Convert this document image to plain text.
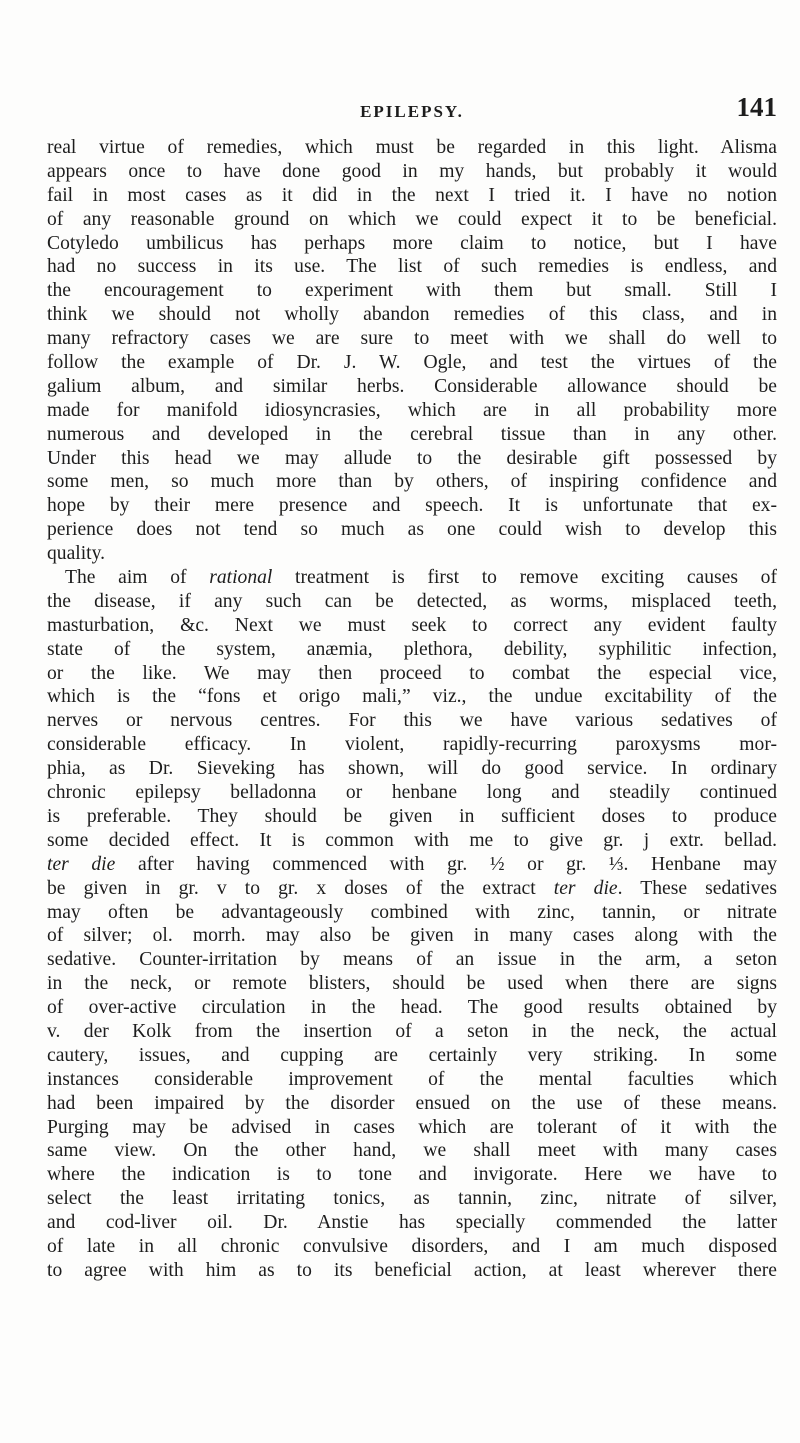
EPILEPSY.	141
real virtue of remedies, which must be regarded in this light. Alisma
appears once to have done good in my hands, but probably it would
fail in most cases as it did in the next I tried it. I have no notion
of any reasonable ground on which we could expect it to be beneficial.
Cotyledo umbilicus has perhaps more claim to notice, but I have
had no success in its use. The list of such remedies is endless, and
the encouragement to experiment with them but small. Still I
think we should not wholly abandon remedies of this class, and in
many refractory cases we are sure to meet with we shall do well to
follow the example of Dr. J. W. Ogle, and test the virtues of the
galium album, and similar herbs. Considerable allowance should be
made for manifold idiosyncrasies, which are in all probability more
numerous and developed in the cerebral tissue than in any other.
Under this head we may allude to the desirable gift possessed by
some men, so much more than by others, of inspiring confidence and
hope by their mere presence and speech. It is unfortunate that ex-
perience does not tend so much as one could wish to develop this
quality.
The aim of rational treatment is first to remove exciting causes of
the disease, if any such can be detected, as worms, misplaced teeth,
masturbation, &c. Next we must seek to correct any evident faulty
state of the system, anæmia, plethora, debility, syphilitic infection,
or the like. We may then proceed to combat the especial vice,
which is the “fons et origo mali,” viz., the undue excitability of the
nerves or nervous centres. For this we have various sedatives of
considerable efficacy. In violent, rapidly-recurring paroxysms mor-
phia, as Dr. Sieveking has shown, will do good service. In ordinary
chronic epilepsy belladonna or henbane long and steadily continued
is preferable. They should be given in sufficient doses to produce
some decided effect. It is common with me to give gr. j extr. bellad.
ter die after having commenced with gr. ½ or gr. ⅓. Henbane may
be given in gr. v to gr. x doses of the extract ter die. These sedatives
may often be advantageously combined with zinc, tannin, or nitrate
of silver; ol. morrh. may also be given in many cases along with the
sedative. Counter-irritation by means of an issue in the arm, a seton
in the neck, or remote blisters, should be used when there are signs
of over-active circulation in the head. The good results obtained by
v. der Kolk from the insertion of a seton in the neck, the actual
cautery, issues, and cupping are certainly very striking. In some
instances considerable improvement of the mental faculties which
had been impaired by the disorder ensued on the use of these means.
Purging may be advised in cases which are tolerant of it with the
same view. On the other hand, we shall meet with many cases
where the indication is to tone and invigorate. Here we have to
select the least irritating tonics, as tannin, zinc, nitrate of silver,
and cod-liver oil. Dr. Anstie has specially commended the latter
of late in all chronic convulsive disorders, and I am much disposed
to agree with him as to its beneficial action, at least wherever there
